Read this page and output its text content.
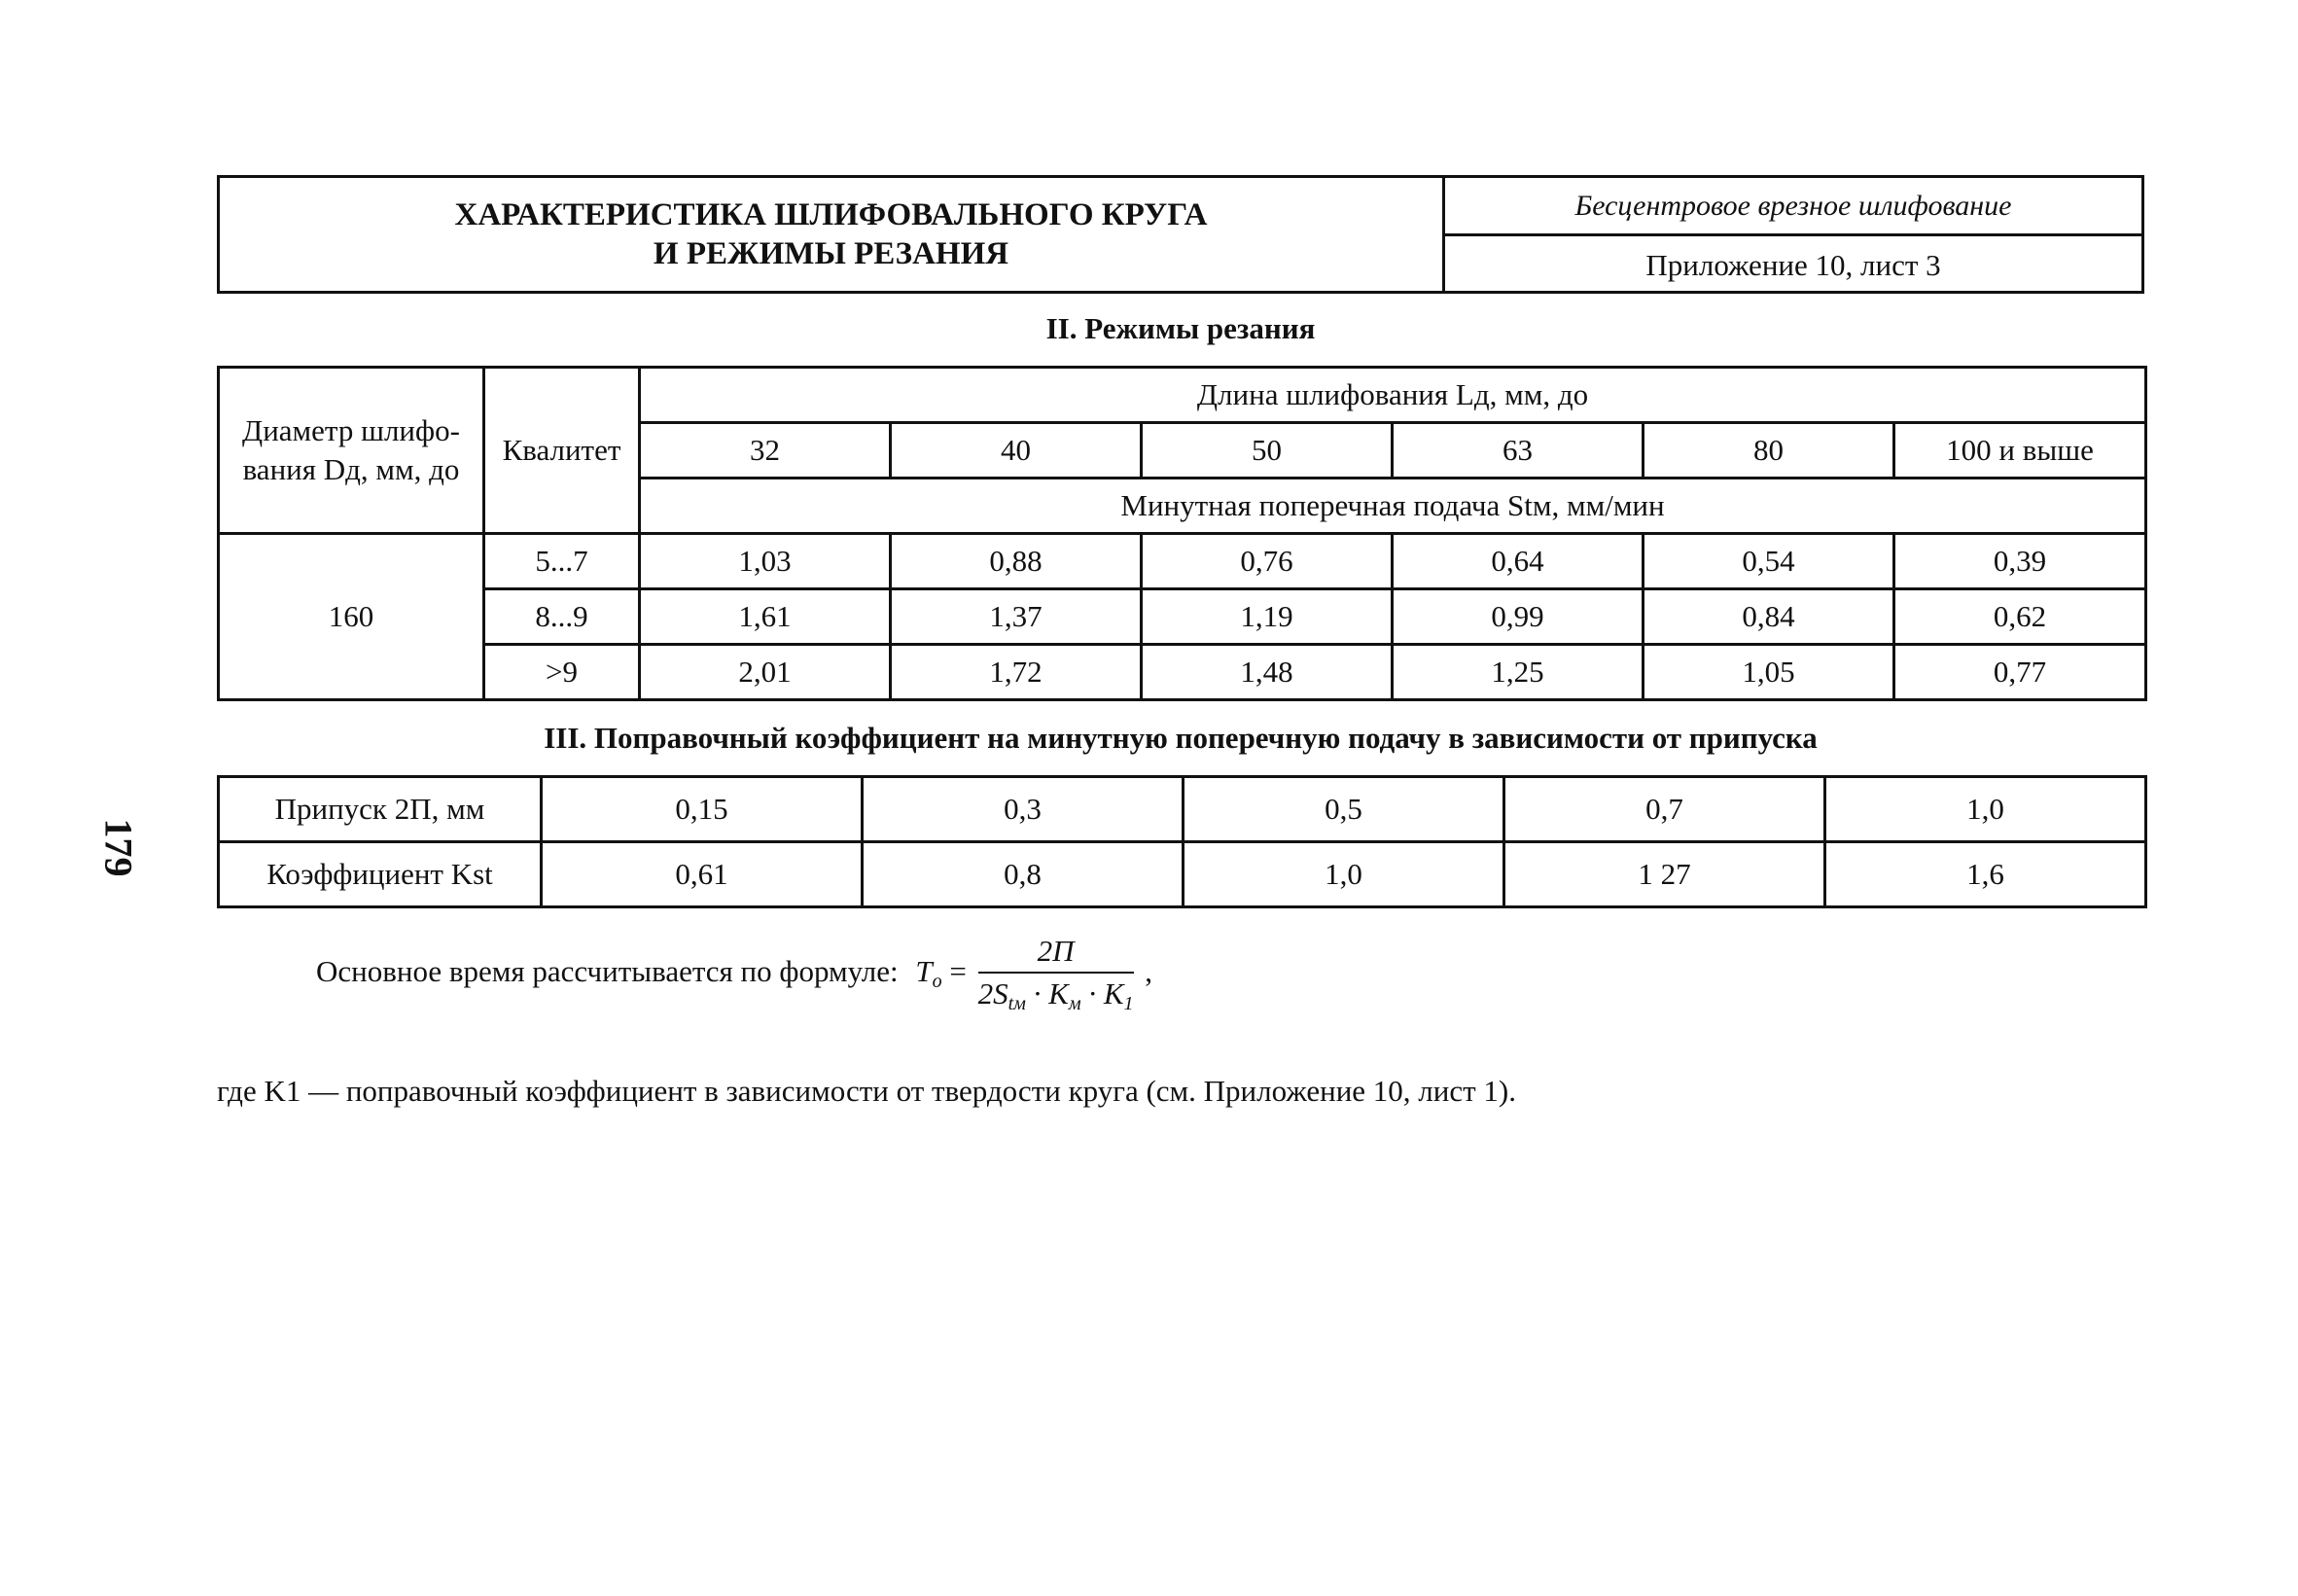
ХАРАКТЕРИСТИКА ШЛИФОВАЛЬНОГО КРУГА
И РЕЖИМЫ РЕЗАНИЯ
Бесцентровое врезное шлифование
Приложение 10, лист 3
II. Режимы резания
Диаметр шлифо-вания Dд, мм, до	Квалитет	Длина шлифования Lд, мм, до					
		32	40	50	63	80	100 и выше
		Минутная поперечная подача Stм, мм/мин					
160	5...7	1,03	0,88	0,76	0,64	0,54	0,39
	8...9	1,61	1,37	1,19	0,99	0,84	0,62
	>9	2,01	1,72	1,48	1,25	1,05	0,77
III. Поправочный коэффициент на минутную поперечную подачу в зависимости от припуска
Припуск 2П, мм	0,15	0,3	0,5	0,7	1,0
Коэффициент Kst	0,61	0,8	1,0	1 27	1,6
Основное время рассчитывается по формуле: $T_o = \frac{2П}{2S_{tм} \cdot K_м \cdot K_1}$ ,
где K1 — поправочный коэффициент в зависимости от твердости круга (см. Приложение 10, лист 1).
179
